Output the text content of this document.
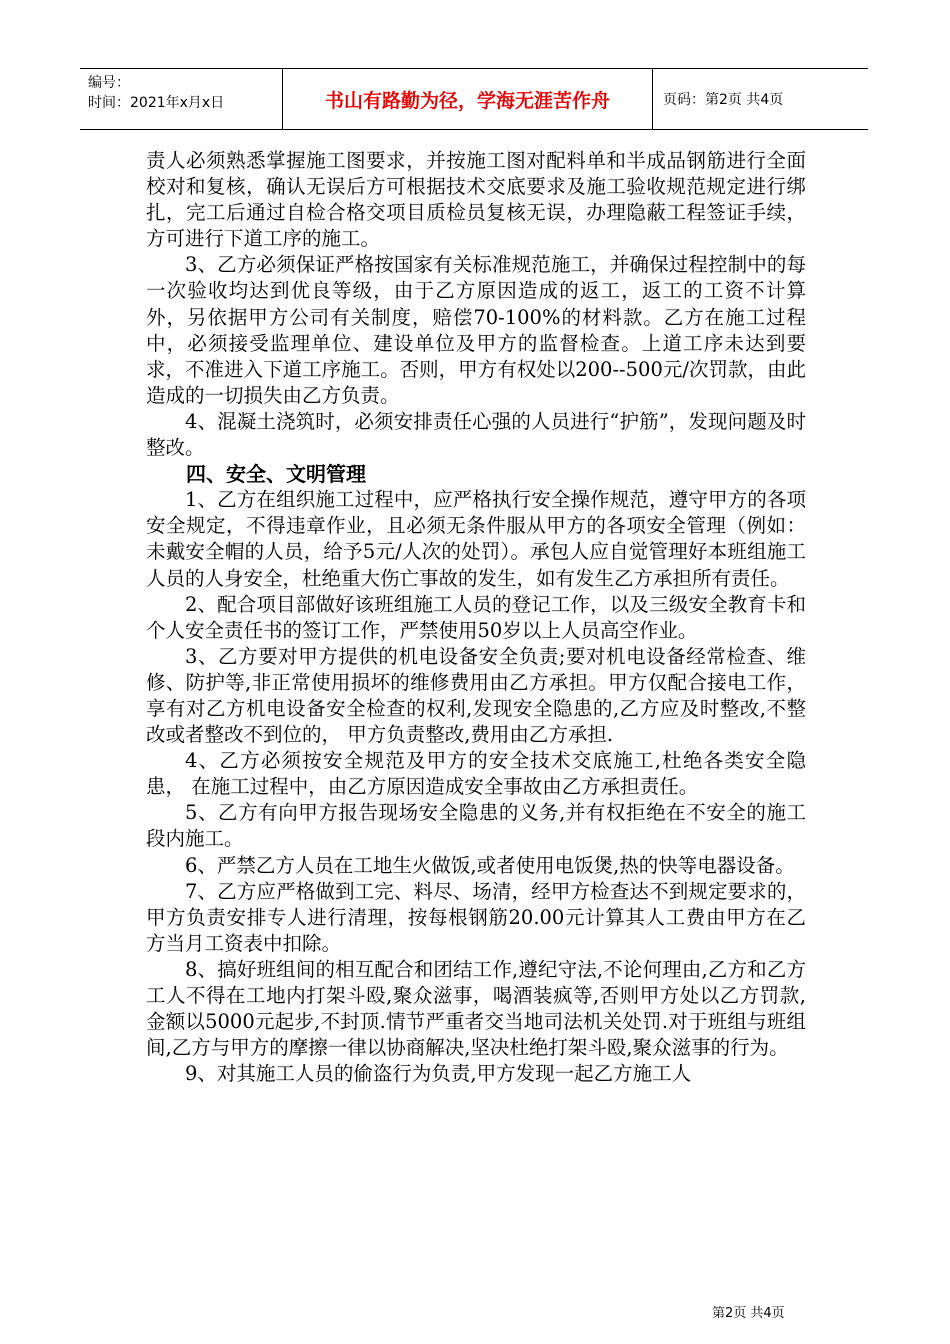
编号：
时间：2021年x月x日	书山有路勤为径，学海无涯苦作舟	页码：第2页 共4页

责人必须熟悉掌握施工图要求，并按施工图对配料单和半成品钢筋进行全面校对和复核，确认无误后方可根据技术交底要求及施工验收规范规定进行绑扎，完工后通过自检合格交项目质检员复核无误，办理隐蔽工程签证手续，方可进行下道工序的施工。

3、乙方必须保证严格按国家有关标准规范施工，并确保过程控制中的每一次验收均达到优良等级，由于乙方原因造成的返工，返工的工资不计算外，另依据甲方公司有关制度，赔偿70-100%的材料款。乙方在施工过程中，必须接受监理单位、建设单位及甲方的监督检查。上道工序未达到要求，不准进入下道工序施工。否则，甲方有权处以200--500元/次罚款，由此造成的一切损失由乙方负责。

4、混凝土浇筑时，必须安排责任心强的人员进行“护筋”，发现问题及时整改。

四、安全、文明管理

1、乙方在组织施工过程中，应严格执行安全操作规范，遵守甲方的各项安全规定，不得违章作业，且必须无条件服从甲方的各项安全管理（例如：未戴安全帽的人员，给予5元/人次的处罚）。承包人应自觉管理好本班组施工人员的人身安全，杜绝重大伤亡事故的发生，如有发生乙方承担所有责任。

2、配合项目部做好该班组施工人员的登记工作，以及三级安全教育卡和个人安全责任书的签订工作，严禁使用50岁以上人员高空作业。

3、乙方要对甲方提供的机电设备安全负责;要对机电设备经常检查、维修、防护等,非正常使用损坏的维修费用由乙方承担。甲方仅配合接电工作，享有对乙方机电设备安全检查的权利,发现安全隐患的,乙方应及时整改,不整改或者整改不到位的， 甲方负责整改,费用由乙方承担.

4、乙方必须按安全规范及甲方的安全技术交底施工,杜绝各类安全隐患， 在施工过程中，由乙方原因造成安全事故由乙方承担责任。

5、乙方有向甲方报告现场安全隐患的义务,并有权拒绝在不安全的施工段内施工。

6、严禁乙方人员在工地生火做饭,或者使用电饭煲,热的快等电器设备。

7、乙方应严格做到工完、料尽、场清，经甲方检查达不到规定要求的，甲方负责安排专人进行清理，按每根钢筋20.00元计算其人工费由甲方在乙方当月工资表中扣除。

8、搞好班组间的相互配合和团结工作,遵纪守法,不论何理由,乙方和乙方工人不得在工地内打架斗殴,聚众滋事，喝酒装疯等,否则甲方处以乙方罚款,金额以5000元起步,不封顶.情节严重者交当地司法机关处罚.对于班组与班组间,乙方与甲方的摩擦一律以协商解决,坚决杜绝打架斗殴,聚众滋事的行为。

9、对其施工人员的偷盗行为负责,甲方发现一起乙方施工人

第2页 共4页
